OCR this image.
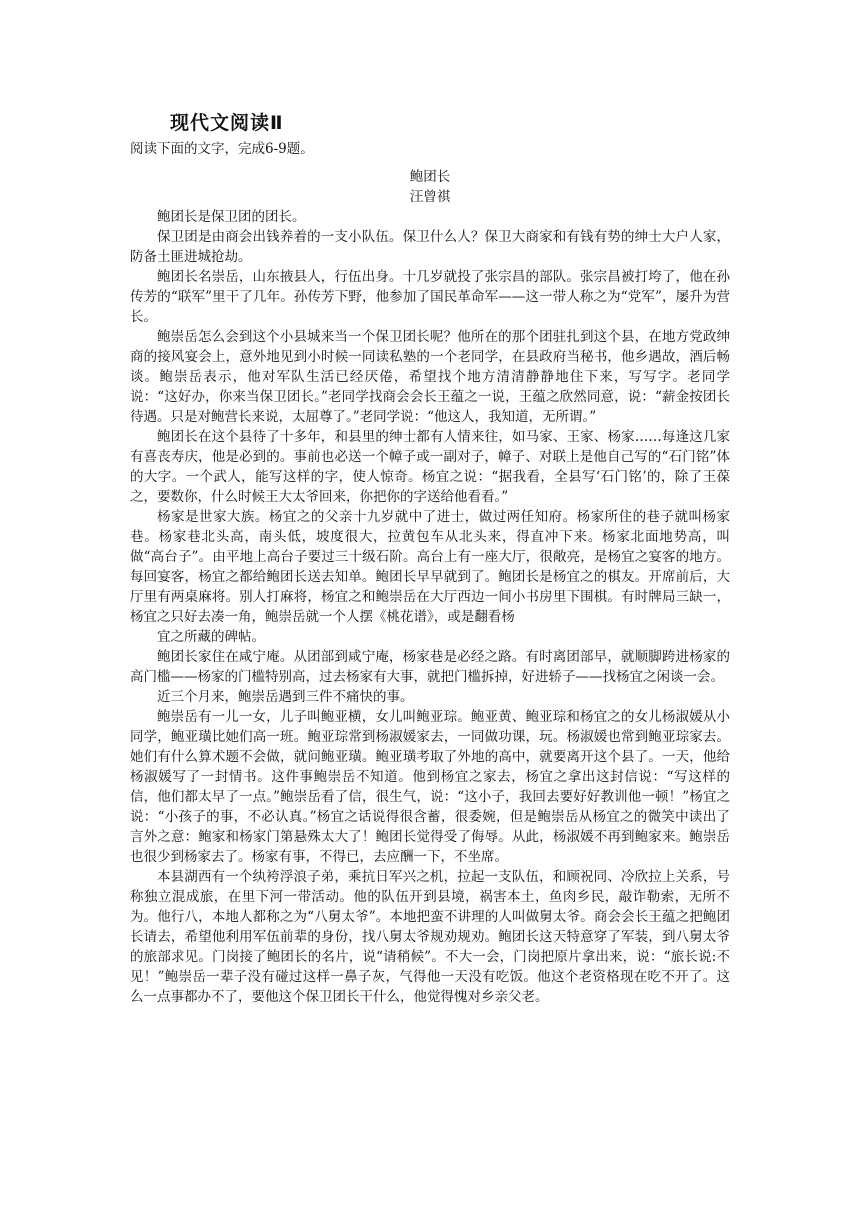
现代文阅读Ⅱ

阅读下面的文字，完成6-9题。

鲍团长

汪曾祺

鲍团长是保卫团的团长。

保卫团是由商会出钱养着的一支小队伍。保卫什么人？保卫大商家和有钱有势的绅士大户人家，防备土匪进城抢劫。

鲍团长名崇岳，山东掖县人，行伍出身。十几岁就投了张宗昌的部队。张宗昌被打垮了，他在孙传芳的“联军”里干了几年。孙传芳下野，他参加了国民革命军——这一带人称之为“党军”，屡升为营长。

鲍崇岳怎么会到这个小县城来当一个保卫团长呢？他所在的那个团驻扎到这个县，在地方党政绅商的接风宴会上，意外地见到小时候一同读私塾的一个老同学，在县政府当秘书，他乡遇故，酒后畅谈。鲍崇岳表示，他对军队生活已经厌倦，希望找个地方清清静静地住下来，写写字。老同学说：“这好办，你来当保卫团长。”老同学找商会会长王蕴之一说，王蕴之欣然同意，说：“薪金按团长待遇。只是对鲍营长来说，太屈尊了。”老同学说：“他这人，我知道，无所谓。”

鲍团长在这个县待了十多年，和县里的绅士都有人情来往，如马家、王家、杨家……每逢这几家有喜丧寿庆，他是必到的。事前也必送一个幛子或一副对子，幛子、对联上是他自己写的“石门铭”体的大字。一个武人，能写这样的字，使人惊奇。杨宜之说：“据我看，全县写‘石门铭’的，除了王葆之，要数你，什么时候王大太爷回来，你把你的字送给他看看。”

杨家是世家大族。杨宜之的父亲十九岁就中了进士，做过两任知府。杨家所住的巷子就叫杨家巷。杨家巷北头高，南头低，坡度很大，拉黄包车从北头来，得直冲下来。杨家北面地势高，叫做“高台子”。由平地上高台子要过三十级石阶。高台上有一座大厅，很敞亮，是杨宜之宴客的地方。每回宴客，杨宜之都给鲍团长送去知单。鲍团长早早就到了。鲍团长是杨宜之的棋友。开席前后，大厅里有两桌麻将。别人打麻将，杨宜之和鲍崇岳在大厅西边一间小书房里下围棋。有时牌局三缺一，杨宜之只好去凑一角，鲍崇岳就一个人摆《桃花谱》，或是翻看杨

宜之所藏的碑帖。

鲍团长家住在咸宁庵。从团部到咸宁庵，杨家巷是必经之路。有时离团部早，就顺脚跨进杨家的高门槛——杨家的门槛特别高，过去杨家有大事，就把门槛拆掉，好进轿子——找杨宜之闲谈一会。

近三个月来，鲍崇岳遇到三件不痛快的事。

鲍崇岳有一儿一女，儿子叫鲍亚横，女儿叫鲍亚琮。鲍亚黄、鲍亚琮和杨宜之的女儿杨淑媛从小同学，鲍亚璜比她们高一班。鲍亚琮常到杨淑媛家去，一同做功课，玩。杨淑媛也常到鲍亚琮家去。她们有什么算术题不会做，就问鲍亚璜。鲍亚璜考取了外地的高中，就要离开这个县了。一天，他给杨淑媛写了一封情书。这件事鲍崇岳不知道。他到杨宜之家去，杨宜之拿出这封信说：“写这样的信，他们都太早了一点。”鲍崇岳看了信，很生气，说：“这小子，我回去要好好教训他一顿！”杨宜之说：“小孩子的事，不必认真。”杨宜之话说得很含蓄，很委婉，但是鲍崇岳从杨宜之的微笑中读出了言外之意：鲍家和杨家门第悬殊太大了！鲍团长觉得受了侮辱。从此，杨淑媛不再到鲍家来。鲍崇岳也很少到杨家去了。杨家有事，不得已，去应酬一下，不坐席。

本县湖西有一个纨袴浮浪子弟，乘抗日军兴之机，拉起一支队伍，和顾祝同、冷欣拉上关系，号称独立混成旅，在里下河一带活动。他的队伍开到县境，祸害本土，鱼肉乡民，敲诈勒索，无所不为。他行八，本地人都称之为“八舅太爷”。本地把蛮不讲理的人叫做舅太爷。商会会长王蕴之把鲍团长请去，希望他利用军伍前辈的身份，找八舅太爷规劝规劝。鲍团长这天特意穿了军装，到八舅太爷的旅部求见。门岗接了鲍团长的名片，说“请稍候”。不大一会，门岗把原片拿出来，说：“旅长说:不见！”鲍崇岳一辈子没有碰过这样一鼻子灰，气得他一天没有吃饭。他这个老资格现在吃不开了。这么一点事都办不了，要他这个保卫团长干什么，他觉得愧对乡亲父老。
